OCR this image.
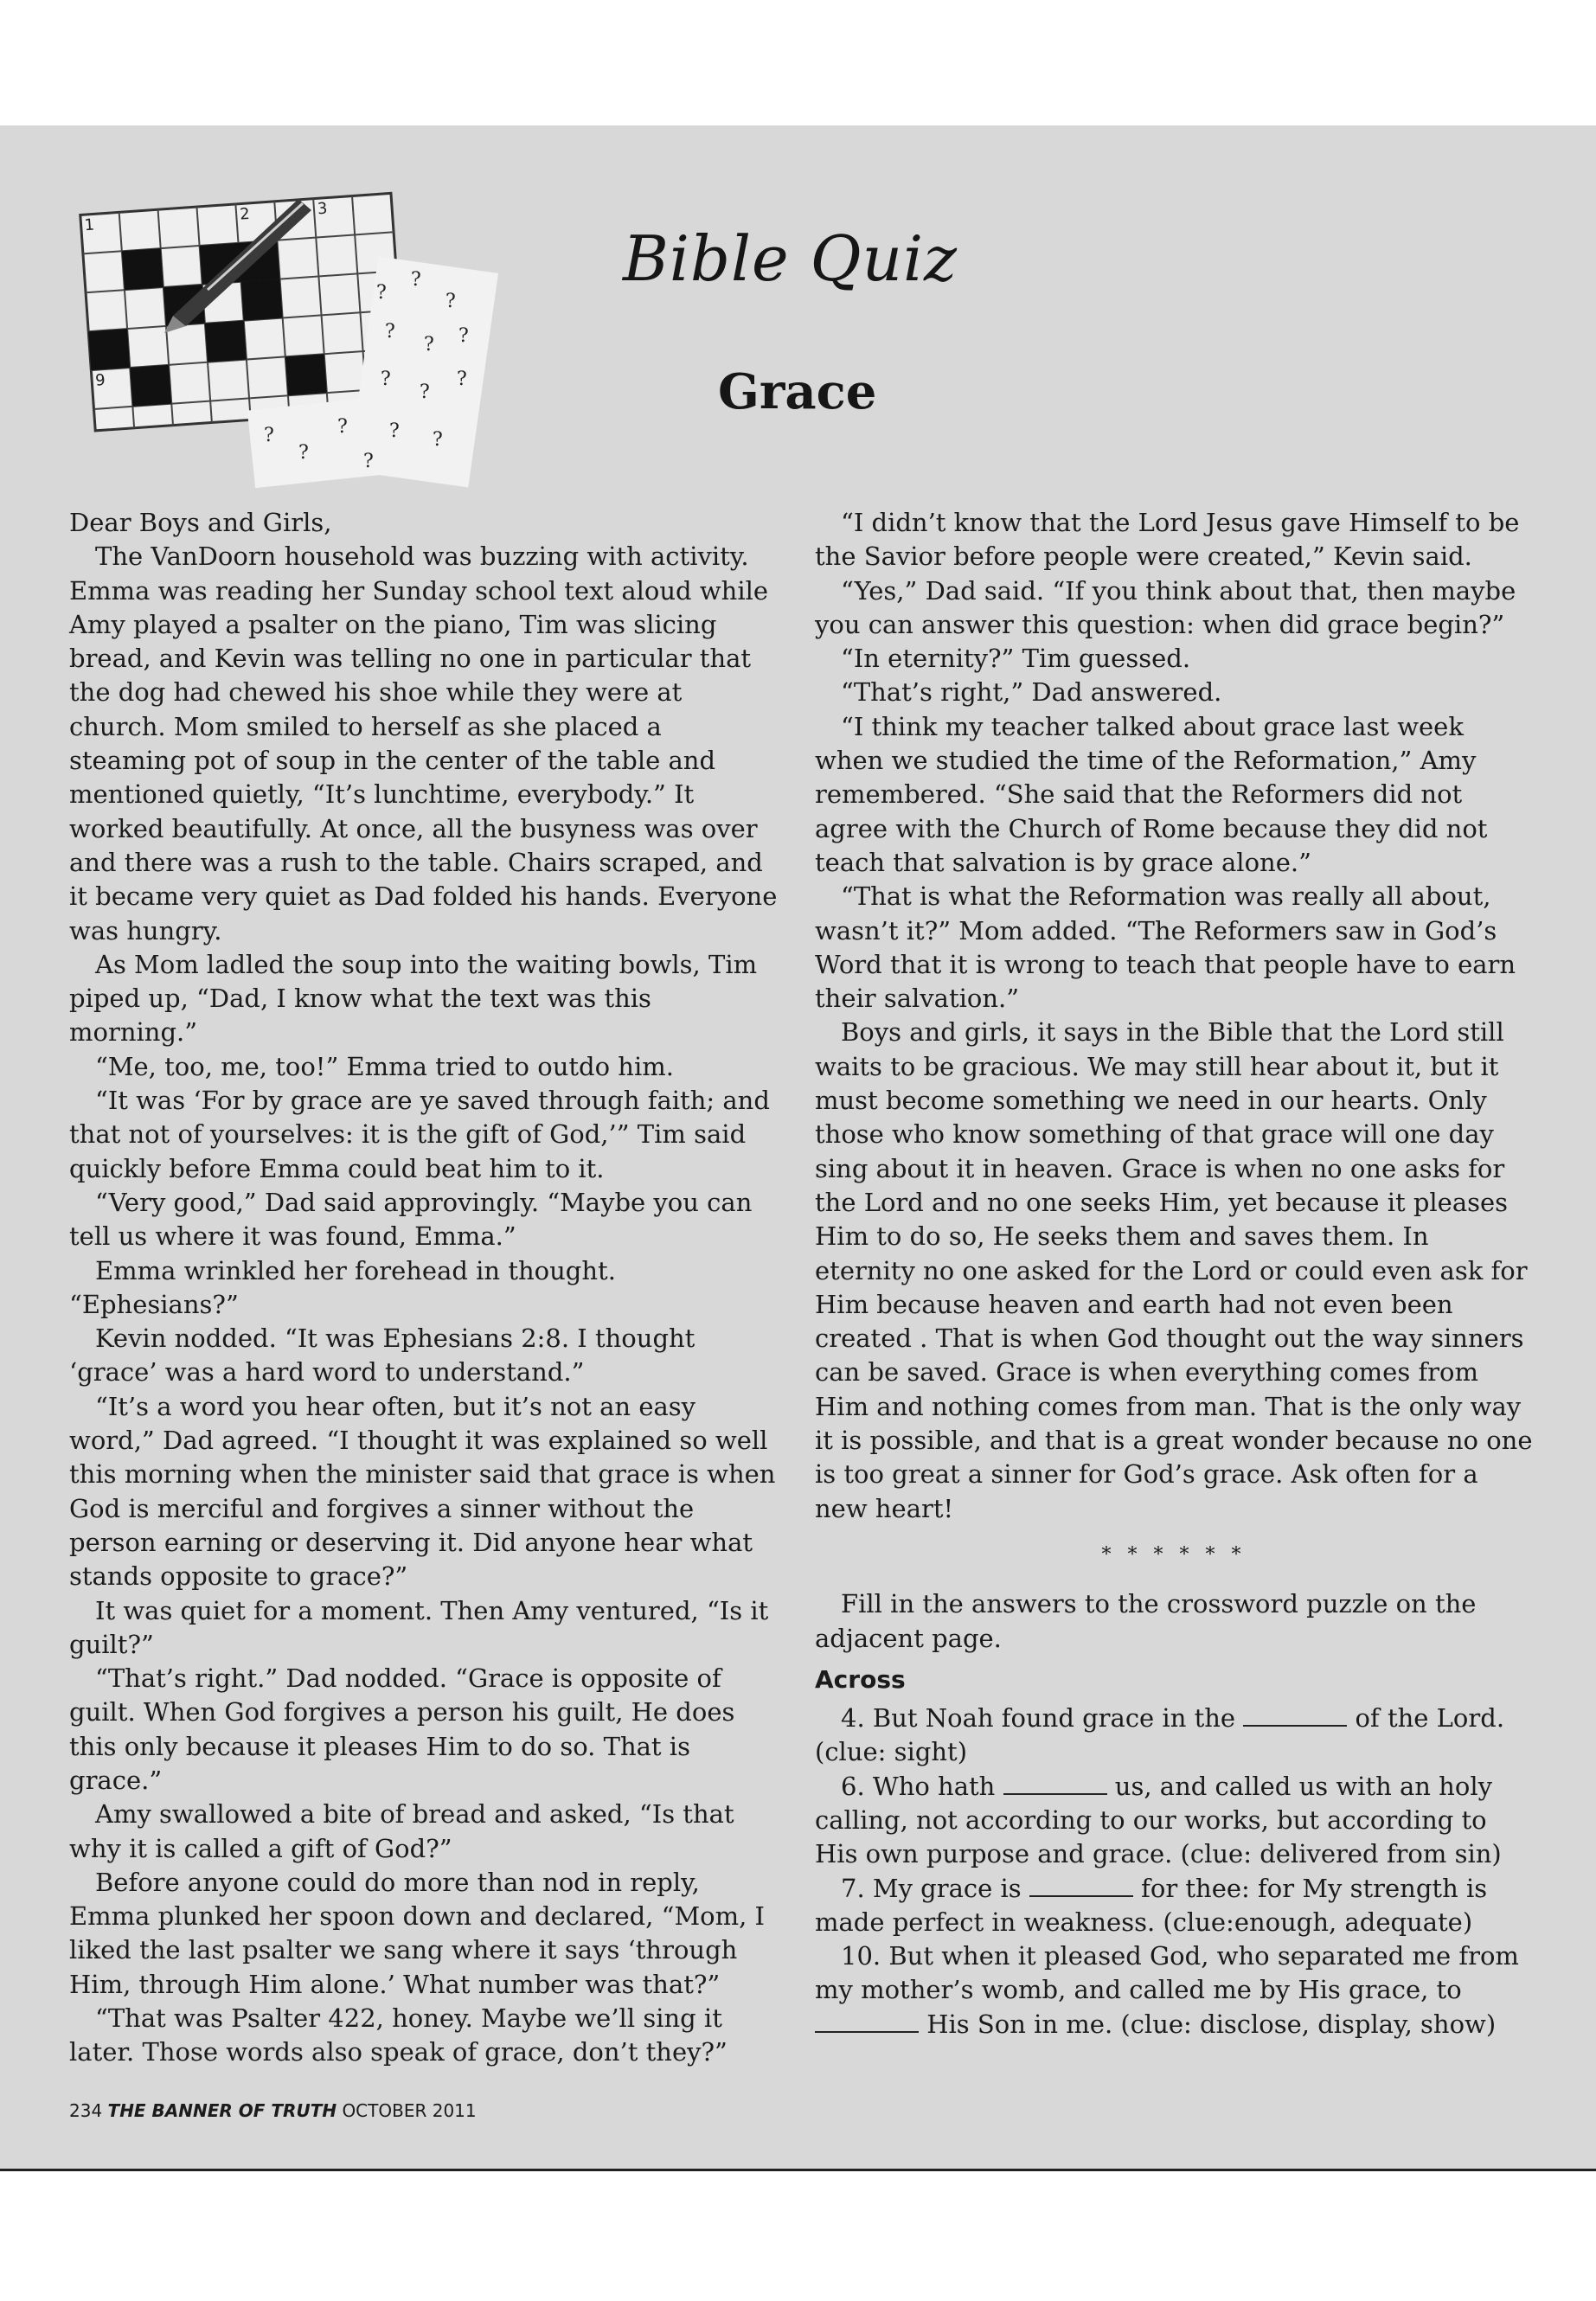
1
2	3
9
?
?
?
?
? ?
?
?
?
? ?
?
?
?
?
Bible Quiz
Grace

Dear Boys and Girls,

The VanDoorn household was buzzing with activity. Emma was reading her Sunday school text aloud while Amy played a psalter on the piano, Tim was slicing bread, and Kevin was telling no one in particular that the dog had chewed his shoe while they were at church. Mom smiled to herself as she placed a steaming pot of soup in the center of the table and mentioned quietly, “It’s lunchtime, everybody.” It worked beautifully. At once, all the busyness was over and there was a rush to the table. Chairs scraped, and it became very quiet as Dad folded his hands. Everyone was hungry.

As Mom ladled the soup into the waiting bowls, Tim piped up, “Dad, I know what the text was this morning.”

“Me, too, me, too!” Emma tried to outdo him.

“It was ‘For by grace are ye saved through faith; and that not of yourselves: it is the gift of God,’” Tim said quickly before Emma could beat him to it.

“Very good,” Dad said approvingly. “Maybe you can tell us where it was found, Emma.”

Emma wrinkled her forehead in thought. “Ephesians?”

Kevin nodded. “It was Ephesians 2:8. I thought ‘grace’ was a hard word to understand.”

“It’s a word you hear often, but it’s not an easy word,” Dad agreed. “I thought it was explained so well this morning when the minister said that grace is when God is merciful and forgives a sinner without the person earning or deserving it. Did anyone hear what stands opposite to grace?”

It was quiet for a moment. Then Amy ventured, “Is it guilt?”

“That’s right.” Dad nodded. “Grace is opposite of guilt. When God forgives a person his guilt, He does this only because it pleases Him to do so. That is grace.”

Amy swallowed a bite of bread and asked, “Is that why it is called a gift of God?”

Before anyone could do more than nod in reply, Emma plunked her spoon down and declared, “Mom, I liked the last psalter we sang where it says ‘through Him, through Him alone.’ What number was that?”

“That was Psalter 422, honey. Maybe we’ll sing it later. Those words also speak of grace, don’t they?”

“I didn’t know that the Lord Jesus gave Himself to be the Savior before people were created,” Kevin said.

“Yes,” Dad said. “If you think about that, then maybe you can answer this question: when did grace begin?”

“In eternity?” Tim guessed.

“That’s right,” Dad answered.

“I think my teacher talked about grace last week when we studied the time of the Reformation,” Amy remembered. “She said that the Reformers did not agree with the Church of Rome because they did not teach that salvation is by grace alone.”

“That is what the Reformation was really all about, wasn’t it?” Mom added. “The Reformers saw in God’s Word that it is wrong to teach that people have to earn their salvation.”

Boys and girls, it says in the Bible that the Lord still waits to be gracious. We may still hear about it, but it must become something we need in our hearts. Only those who know something of that grace will one day sing about it in heaven. Grace is when no one asks for the Lord and no one seeks Him, yet because it pleases Him to do so, He seeks them and saves them. In eternity no one asked for the Lord or could even ask for Him because heaven and earth had not even been created . That is when God thought out the way sinners can be saved. Grace is when everything comes from Him and nothing comes from man. That is the only way it is possible, and that is a great wonder because no one is too great a sinner for God’s grace. Ask often for a new heart!

* * * * * *

Fill in the answers to the crossword puzzle on the adjacent page.

Across

4. But Noah found grace in the	of the Lord. (clue: sight)

6. Who hath	us, and called us with an holy calling, not according to our works, but according to His own purpose and grace. (clue: delivered from sin)

7. My grace is	for thee: for My strength is made perfect in weakness. (clue:enough, adequate)

10. But when it pleased God, who separated me from my mother’s womb, and called me by His grace, to  His Son in me. (clue: disclose, display, show)

234 THE BANNER OF TRUTH OCTOBER 2011
